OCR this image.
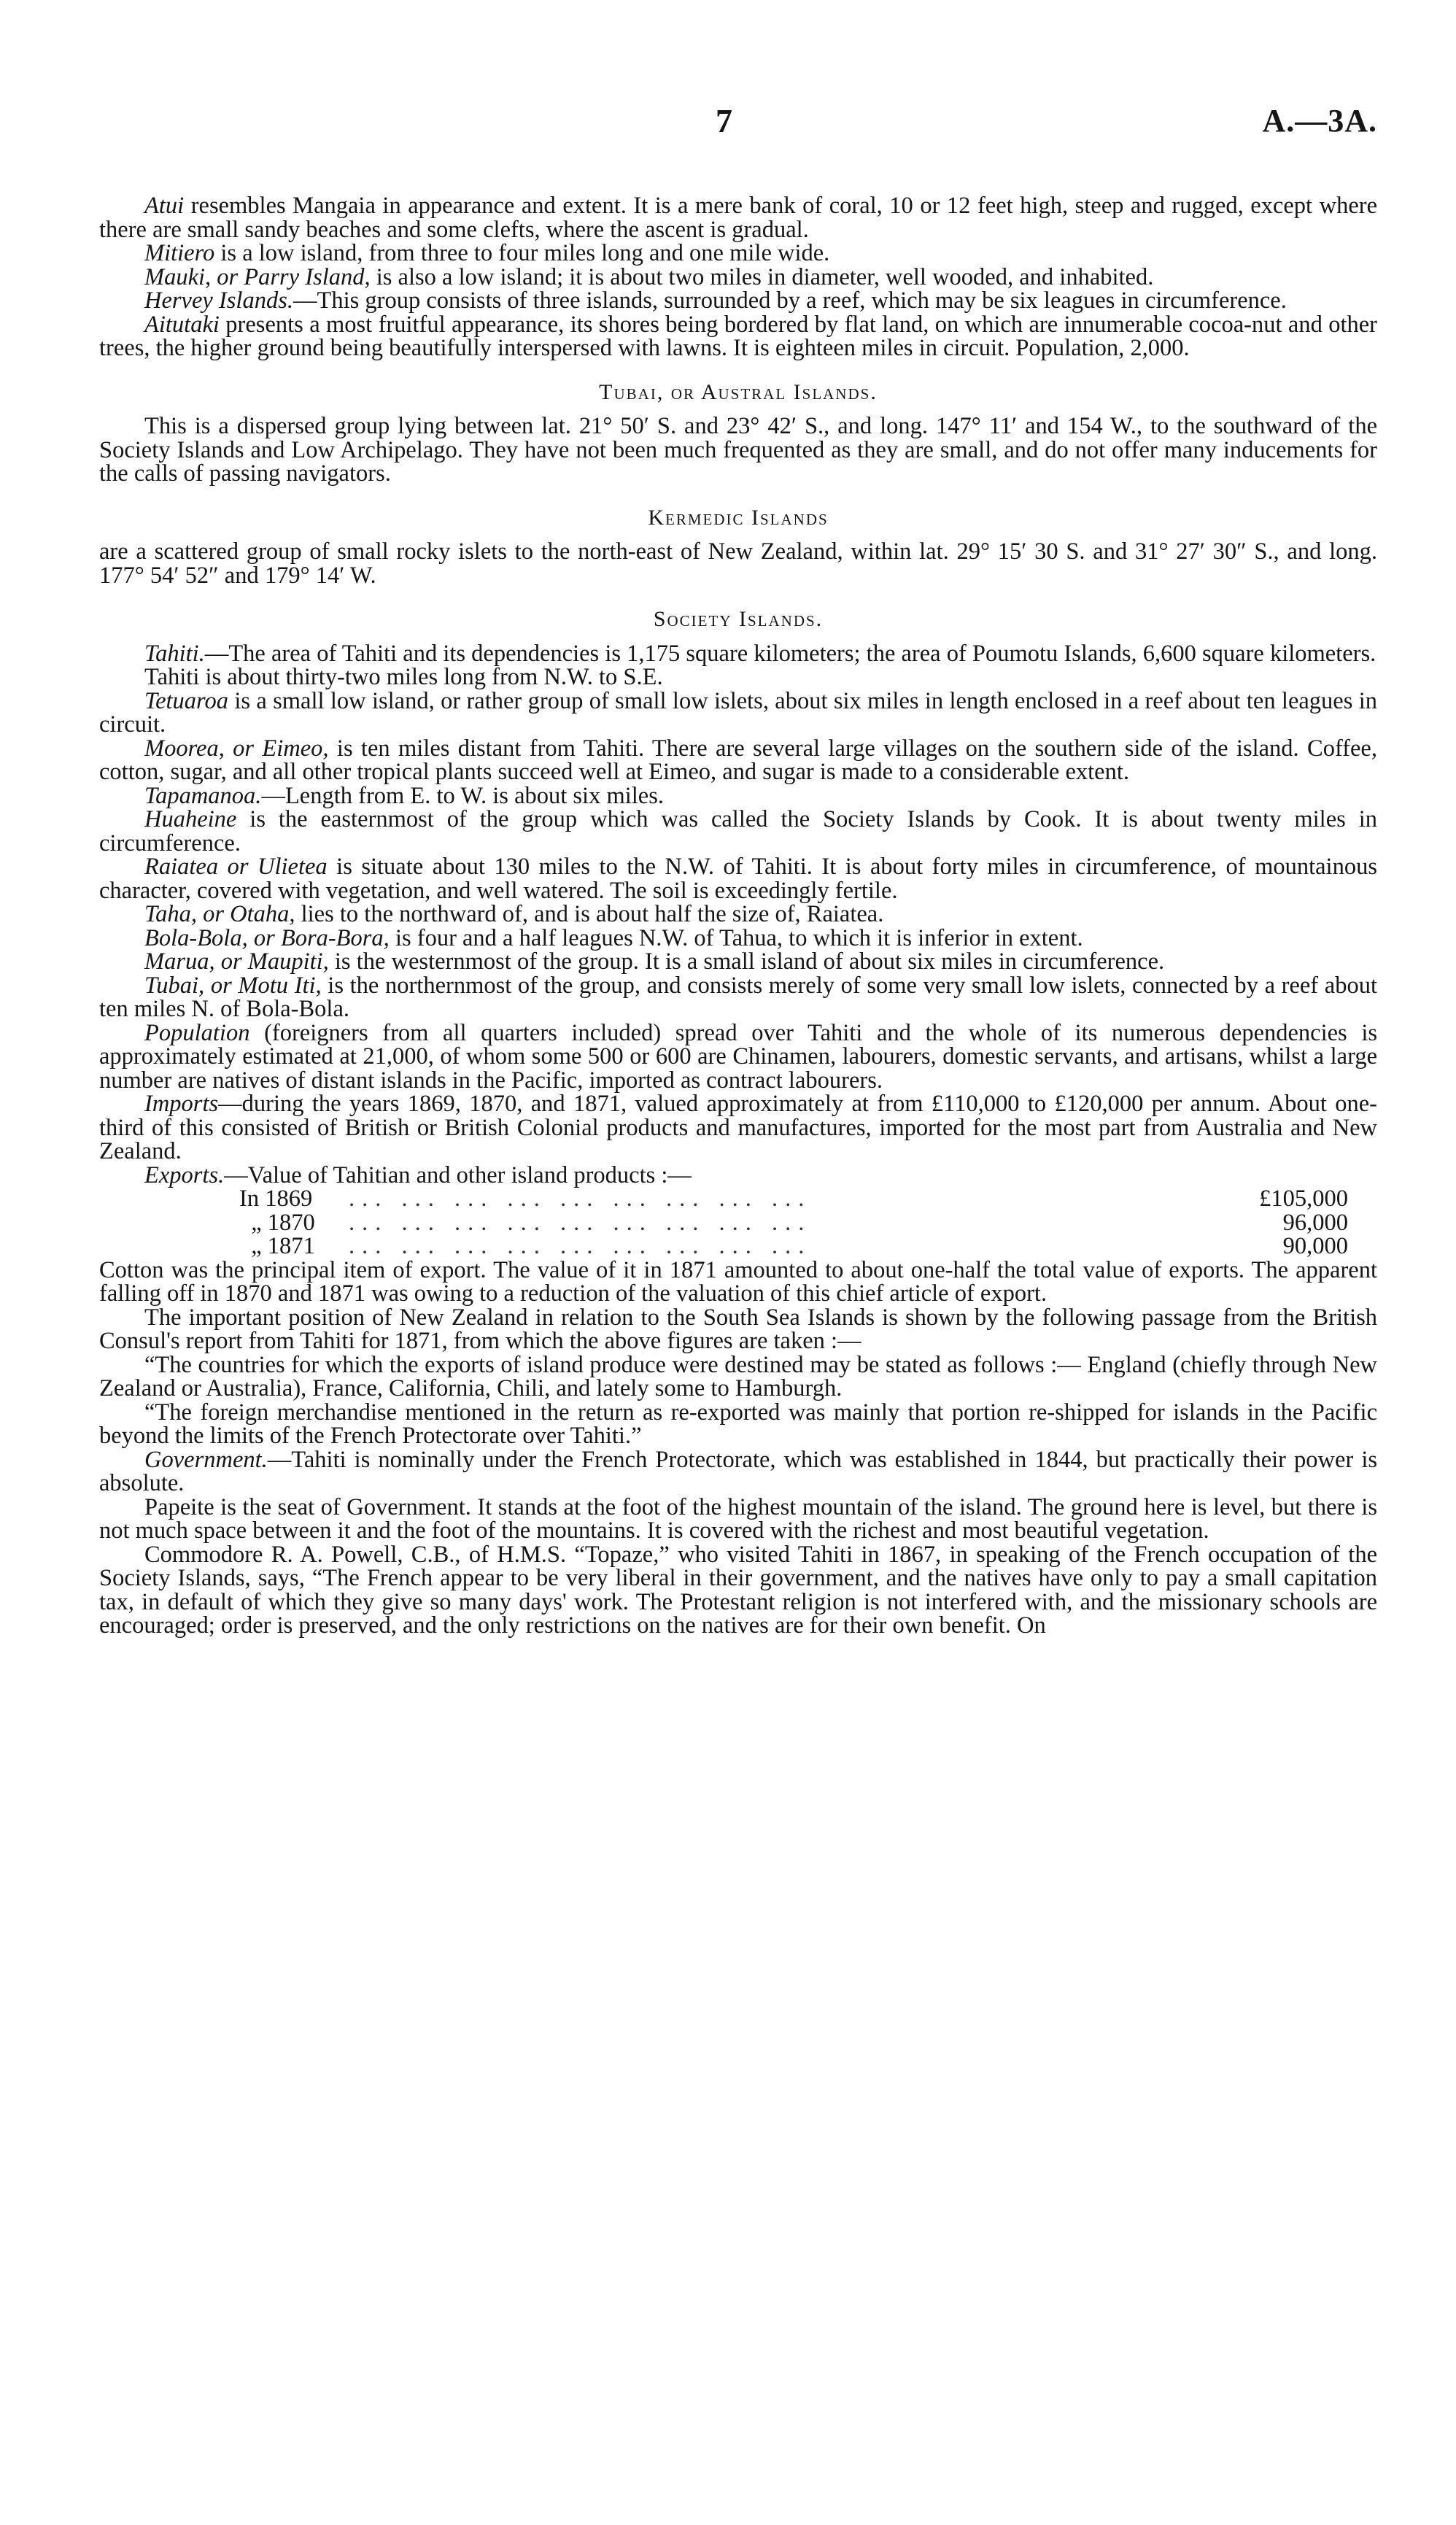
7	A.—3A.

Atui resembles Mangaia in appearance and extent. It is a mere bank of coral, 10 or 12 feet high, steep and rugged, except where there are small sandy beaches and some clefts, where the ascent is gradual.

Mitiero is a low island, from three to four miles long and one mile wide.

Mauki, or Parry Island, is also a low island; it is about two miles in diameter, well wooded, and inhabited.

Hervey Islands.—This group consists of three islands, surrounded by a reef, which may be six leagues in circumference.

Aitutaki presents a most fruitful appearance, its shores being bordered by flat land, on which are innumerable cocoa-nut and other trees, the higher ground being beautifully interspersed with lawns. It is eighteen miles in circuit. Population, 2,000.

Tubai, or Austral Islands.

This is a dispersed group lying between lat. 21° 50′ S. and 23° 42′ S., and long. 147° 11′ and 154 W., to the southward of the Society Islands and Low Archipelago. They have not been much frequented as they are small, and do not offer many inducements for the calls of passing navigators.

Kermedic Islands

are a scattered group of small rocky islets to the north-east of New Zealand, within lat. 29° 15′ 30 S. and 31° 27′ 30″ S., and long. 177° 54′ 52″ and 179° 14′ W.

Society Islands.

Tahiti.—The area of Tahiti and its dependencies is 1,175 square kilometers; the area of Poumotu Islands, 6,600 square kilometers.

Tahiti is about thirty-two miles long from N.W. to S.E.

Tetuaroa is a small low island, or rather group of small low islets, about six miles in length enclosed in a reef about ten leagues in circuit.

Moorea, or Eimeo, is ten miles distant from Tahiti. There are several large villages on the southern side of the island. Coffee, cotton, sugar, and all other tropical plants succeed well at Eimeo, and sugar is made to a considerable extent.

Tapamanoa.—Length from E. to W. is about six miles.

Huaheine is the easternmost of the group which was called the Society Islands by Cook. It is about twenty miles in circumference.

Raiatea or Ulietea is situate about 130 miles to the N.W. of Tahiti. It is about forty miles in circumference, of mountainous character, covered with vegetation, and well watered. The soil is exceedingly fertile.

Taha, or Otaha, lies to the northward of, and is about half the size of, Raiatea.

Bola-Bola, or Bora-Bora, is four and a half leagues N.W. of Tahua, to which it is inferior in extent.

Marua, or Maupiti, is the westernmost of the group. It is a small island of about six miles in circumference.

Tubai, or Motu Iti, is the northernmost of the group, and consists merely of some very small low islets, connected by a reef about ten miles N. of Bola-Bola.

Population (foreigners from all quarters included) spread over Tahiti and the whole of its numerous dependencies is approximately estimated at 21,000, of whom some 500 or 600 are Chinamen, labourers, domestic servants, and artisans, whilst a large number are natives of distant islands in the Pacific, imported as contract labourers.

Imports—during the years 1869, 1870, and 1871, valued approximately at from £110,000 to £120,000 per annum. About one-third of this consisted of British or British Colonial products and manufactures, imported for the most part from Australia and New Zealand.

Exports.—Value of Tahitian and other island products :—

In 1869	... ... ... ... ... ... ... ... ...	£105,000
„ 1870	... ... ... ... ... ... ... ... ...	96,000
„ 1871	... ... ... ... ... ... ... ... ...	90,000

Cotton was the principal item of export. The value of it in 1871 amounted to about one-half the total value of exports. The apparent falling off in 1870 and 1871 was owing to a reduction of the valuation of this chief article of export.

The important position of New Zealand in relation to the South Sea Islands is shown by the following passage from the British Consul's report from Tahiti for 1871, from which the above figures are taken :—

“The countries for which the exports of island produce were destined may be stated as follows :— England (chiefly through New Zealand or Australia), France, California, Chili, and lately some to Hamburgh.

“The foreign merchandise mentioned in the return as re-exported was mainly that portion re-shipped for islands in the Pacific beyond the limits of the French Protectorate over Tahiti.”

Government.—Tahiti is nominally under the French Protectorate, which was established in 1844, but practically their power is absolute.

Papeite is the seat of Government. It stands at the foot of the highest mountain of the island. The ground here is level, but there is not much space between it and the foot of the mountains. It is covered with the richest and most beautiful vegetation.

Commodore R. A. Powell, C.B., of H.M.S. “Topaze,” who visited Tahiti in 1867, in speaking of the French occupation of the Society Islands, says, “The French appear to be very liberal in their government, and the natives have only to pay a small capitation tax, in default of which they give so many days' work. The Protestant religion is not interfered with, and the missionary schools are encouraged; order is preserved, and the only restrictions on the natives are for their own benefit. On
